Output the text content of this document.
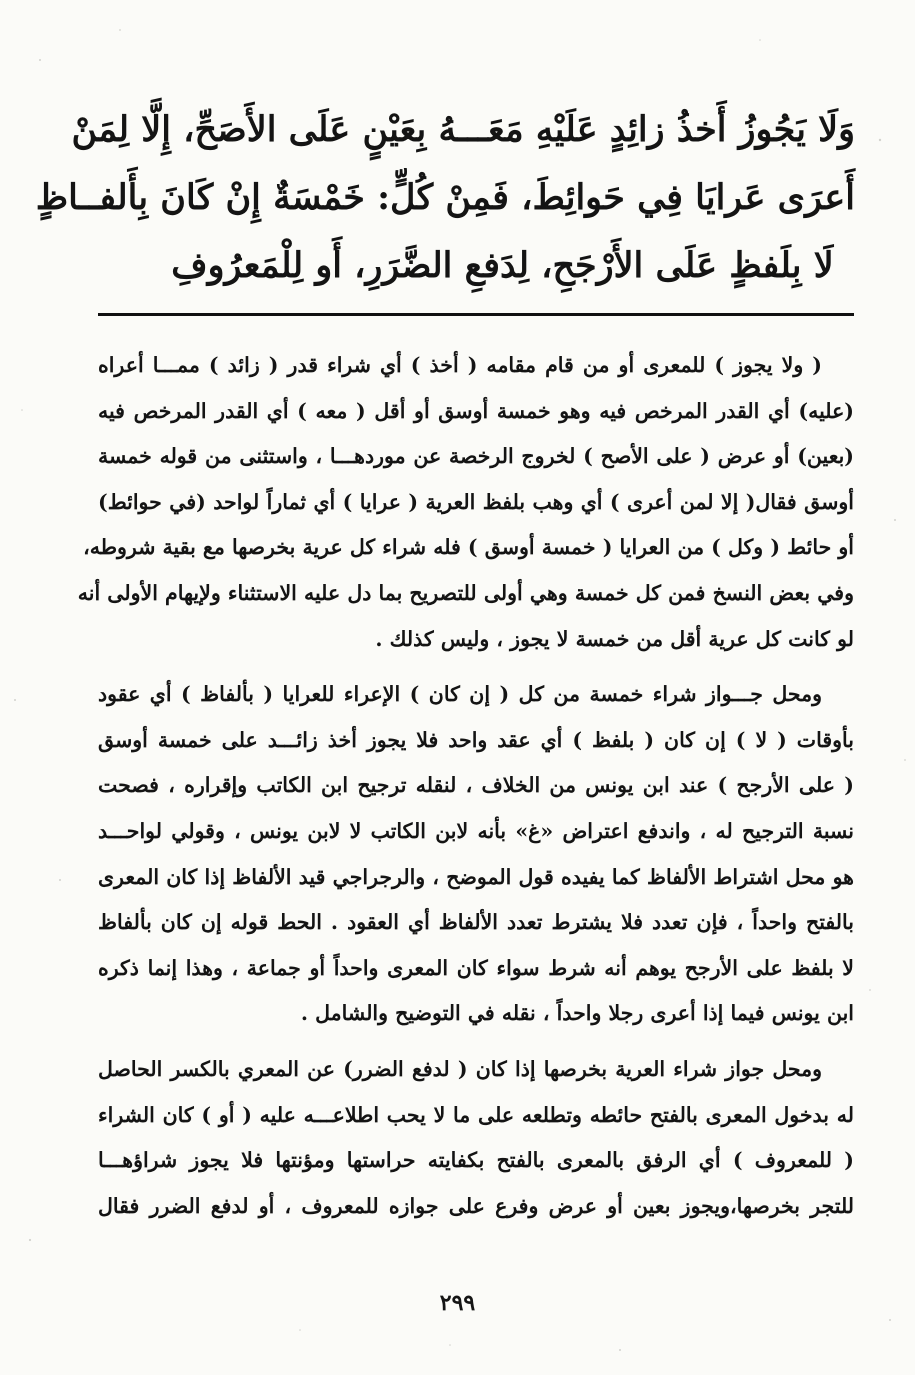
وَلَا يَجُوزُ أَخذُ زائِدٍ عَلَيْهِ مَعَـــهُ بِعَيْنٍ عَلَى الأَصَحِّ، إِلَّا لِمَنْ
أَعرَى عَرايَا فِي حَوائِطَ، فَمِنْ كُلٍّ: خَمْسَةٌ إِنْ كَانَ بِأَلفــاظٍ
لَا بِلَفظٍ عَلَى الأَرْجَحِ، لِدَفعِ الضَّرَرِ، أَو لِلْمَعرُوفِ
( ولا يجوز ) للمعرى أو من قام مقامه ( أخذ ) أي شراء قدر ( زائد ) ممـــا أعراه
(عليه) أي القدر المرخص فيه وهو خمسة أوسق أو أقل ( معه ) أي القدر المرخص فيه
(بعين) أو عرض ( على الأصح ) لخروج الرخصة عن موردهـــا ، واستثنى من قوله خمسة
أوسق فقال( إلا لمن أعرى ) أي وهب بلفظ العرية ( عرايا ) أي ثماراً لواحد (في حوائط)
أو حائط ( وكل ) من العرايا ( خمسة أوسق ) فله شراء كل عرية بخرصها مع بقية شروطه،
وفي بعض النسخ فمن كل خمسة وهي أولى للتصريح بما دل عليه الاستثناء ولإيهام الأولى أنه
لو كانت كل عرية أقل من خمسة لا يجوز ، وليس كذلك .
ومحل جـــواز شراء خمسة من كل ( إن كان ) الإعراء للعرايا ( بألفاظ ) أي عقود
بأوقات ( لا ) إن كان ( بلفظ ) أي عقد واحد فلا يجوز أخذ زائـــد على خمسة أوسق
( على الأرجح ) عند ابن يونس من الخلاف ، لنقله ترجيح ابن الكاتب وإقراره ، فصحت
نسبة الترجيح له ، واندفع اعتراض «غ» بأنه لابن الكاتب لا لابن يونس ، وقولي لواحـــد
هو محل اشتراط الألفاظ كما يفيده قول الموضح ، والرجراجي قيد الألفاظ إذا كان المعرى
بالفتح واحداً ، فإن تعدد فلا يشترط تعدد الألفاظ أي العقود . الحط قوله إن كان بألفاظ
لا بلفظ على الأرجح يوهم أنه شرط سواء كان المعرى واحداً أو جماعة ، وهذا إنما ذكره
ابن يونس فيما إذا أعرى رجلا واحداً ، نقله في التوضيح والشامل .
ومحل جواز شراء العرية بخرصها إذا كان ( لدفع الضرر) عن المعري بالكسر الحاصل
له بدخول المعرى بالفتح حائطه وتطلعه على ما لا يحب اطلاعـــه عليه ( أو ) كان الشراء
( للمعروف ) أي الرفق بالمعرى بالفتح بكفايته حراستها ومؤنتها فلا يجوز شراؤهـــا
للتجر بخرصها،ويجوز بعين أو عرض وفرع على جوازه للمعروف ، أو لدفع الضرر فقال
٢٩٩
